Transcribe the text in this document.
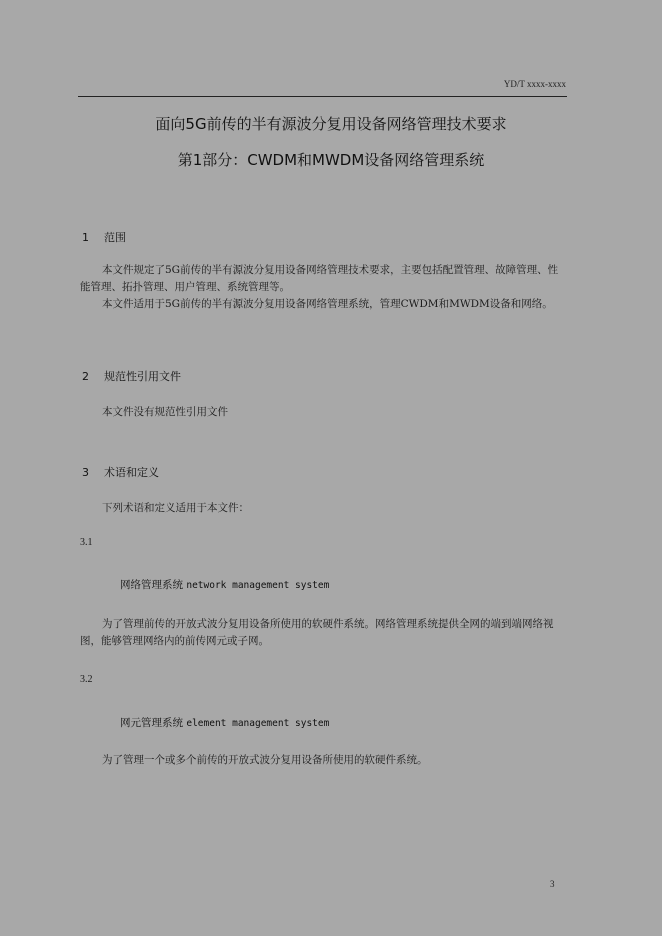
YD/T xxxx-xxxx
面向5G前传的半有源波分复用设备网络管理技术要求
第1部分：CWDM和MWDM设备网络管理系统
1 范围
本文件规定了5G前传的半有源波分复用设备网络管理技术要求，主要包括配置管理、故障管理、性能管理、拓扑管理、用户管理、系统管理等。
本文件适用于5G前传的半有源波分复用设备网络管理系统，管理CWDM和MWDM设备和网络。
2 规范性引用文件
本文件没有规范性引用文件
3 术语和定义
下列术语和定义适用于本文件：
3.1
网络管理系统 network management system
为了管理前传的开放式波分复用设备所使用的软硬件系统。网络管理系统提供全网的端到端网络视图，能够管理网络内的前传网元或子网。
3.2
网元管理系统 element management system
为了管理一个或多个前传的开放式波分复用设备所使用的软硬件系统。
3
